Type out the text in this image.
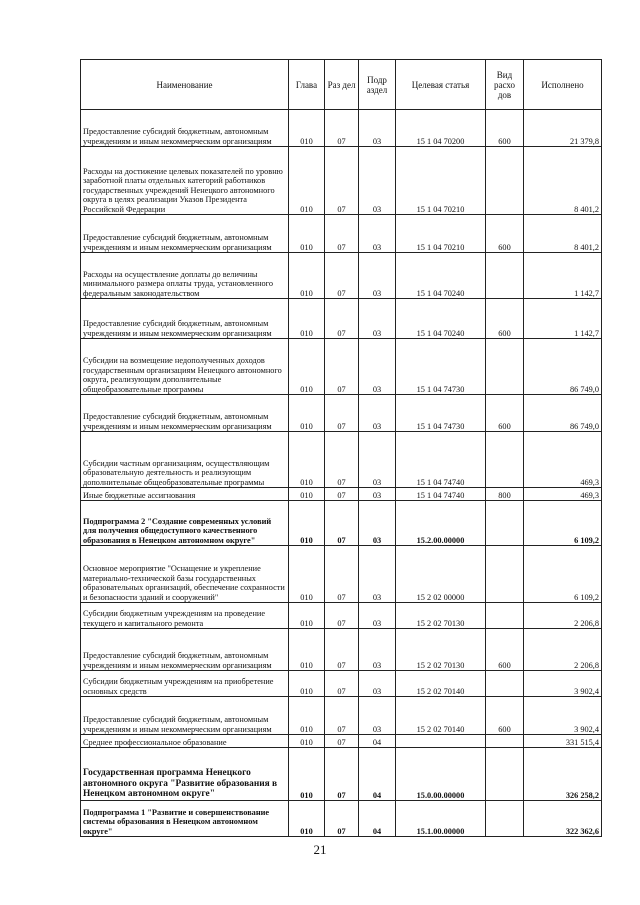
Наименование	Глава	Раз дел	Подр аздел	Целевая статья	Вид расхо дов	Исполнено
Предоставление субсидий бюджетным, автономным учреждениям и иным некоммерческим организациям	010	07	03	15 1 04 70200	600	21 379,8
Расходы на достижение целевых показателей по уровню заработной платы отдельных категорий работников государственных учреждений Ненецкого автономного округа в целях реализации Указов Президента Российской Федерации	010	07	03	15 1 04 70210		8 401,2
Предоставление субсидий бюджетным, автономным учреждениям и иным некоммерческим организациям	010	07	03	15 1 04 70210	600	8 401,2
Расходы на осуществление доплаты до величины минимального размера оплаты труда, установленного федеральным законодательством	010	07	03	15 1 04 70240		1 142,7
Предоставление субсидий бюджетным, автономным учреждениям и иным некоммерческим организациям	010	07	03	15 1 04 70240	600	1 142,7
Субсидии на возмещение недополученных доходов государственным организациям Ненецкого автономного округа, реализующим дополнительные общеобразовательные программы	010	07	03	15 1 04 74730		86 749,0
Предоставление субсидий бюджетным, автономным учреждениям и иным некоммерческим организациям	010	07	03	15 1 04 74730	600	86 749,0
Субсидии частным организациям, осуществляющим образовательную деятельность и реализующим дополнительные общеобразовательные программы	010	07	03	15 1 04 74740		469,3
Иные бюджетные ассигнования	010	07	03	15 1 04 74740	800	469,3
Подпрограмма 2 "Создание современных условий для получения общедоступного качественного образования в Ненецком автономном округе"	010	07	03	15.2.00.00000		6 109,2
Основное мероприятие "Оснащение и укрепление материально-технической базы государственных образовательных организаций, обеспечение сохранности и безопасности зданий и сооружений"	010	07	03	15 2 02 00000		6 109,2
Субсидии бюджетным учреждениям на проведение текущего и капитального ремонта	010	07	03	15 2 02 70130		2 206,8
Предоставление субсидий бюджетным, автономным учреждениям и иным некоммерческим организациям	010	07	03	15 2 02 70130	600	2 206,8
Субсидии бюджетным учреждениям на приобретение основных средств	010	07	03	15 2 02 70140		3 902,4
Предоставление субсидий бюджетным, автономным учреждениям и иным некоммерческим организациям	010	07	03	15 2 02 70140	600	3 902,4
Среднее профессиональное образование	010	07	04			331 515,4
Государственная программа Ненецкого автономного округа "Развитие образования в Ненецком автономном округе"	010	07	04	15.0.00.00000		326 258,2
Подпрограмма 1 "Развитие и совершенствование системы образования в Ненецком автономном округе"	010	07	04	15.1.00.00000		322 362,6
21
